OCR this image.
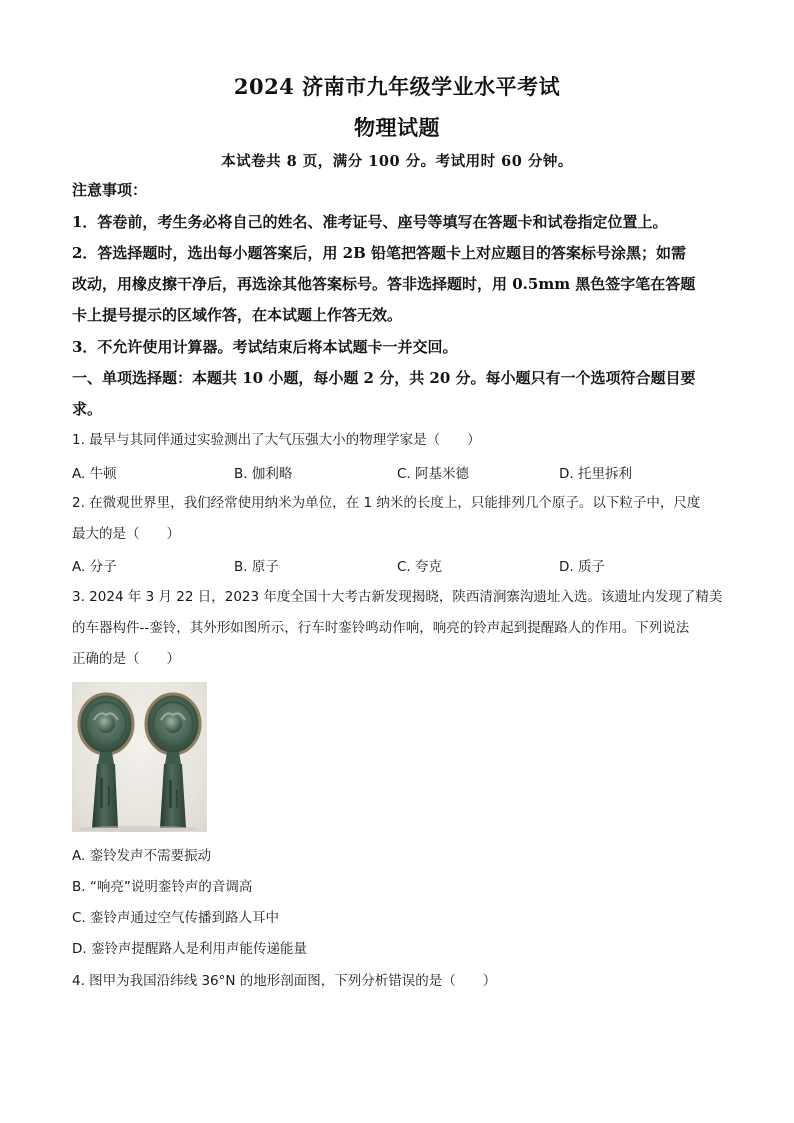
2024 济南市九年级学业水平考试
物理试题
本试卷共 8 页，满分 100 分。考试用时 60 分钟。
注意事项：
1．答卷前，考生务必将自己的姓名、准考证号、座号等填写在答题卡和试卷指定位置上。
2．答选择题时，选出每小题答案后，用 2B 铅笔把答题卡上对应题目的答案标号涂黑；如需
改动，用橡皮擦干净后，再选涂其他答案标号。答非选择题时，用 0.5mm 黑色签字笔在答题
卡上提号提示的区域作答，在本试题上作答无效。
3．不允许使用计算器。考试结束后将本试题卡一并交回。
一、单项选择题：本题共 10 小题，每小题 2 分，共 20 分。每小题只有一个选项符合题目要
求。
1. 最早与其同伴通过实验测出了大气压强大小的物理学家是（　　）
A. 牛顿	B. 伽利略	C. 阿基米德	D. 托里拆利
2. 在微观世界里，我们经常使用纳米为单位，在 1 纳米的长度上，只能排列几个原子。以下粒子中，尺度
最大的是（　　）
A. 分子	B. 原子	C. 夸克	D. 质子
3. 2024 年 3 月 22 日，2023 年度全国十大考古新发现揭晓，陕西清涧寨沟遗址入选。该遗址内发现了精美
的车器构件--銮铃，其外形如图所示，行车时銮铃鸣动作响，响亮的铃声起到提醒路人的作用。下列说法
正确的是（　　）
A. 銮铃发声不需要振动
B. “响亮”说明銮铃声的音调高
C. 銮铃声通过空气传播到路人耳中
D. 銮铃声提醒路人是利用声能传递能量
4. 图甲为我国沿纬线 36°N 的地形剖面图，下列分析错误的是（　　）
